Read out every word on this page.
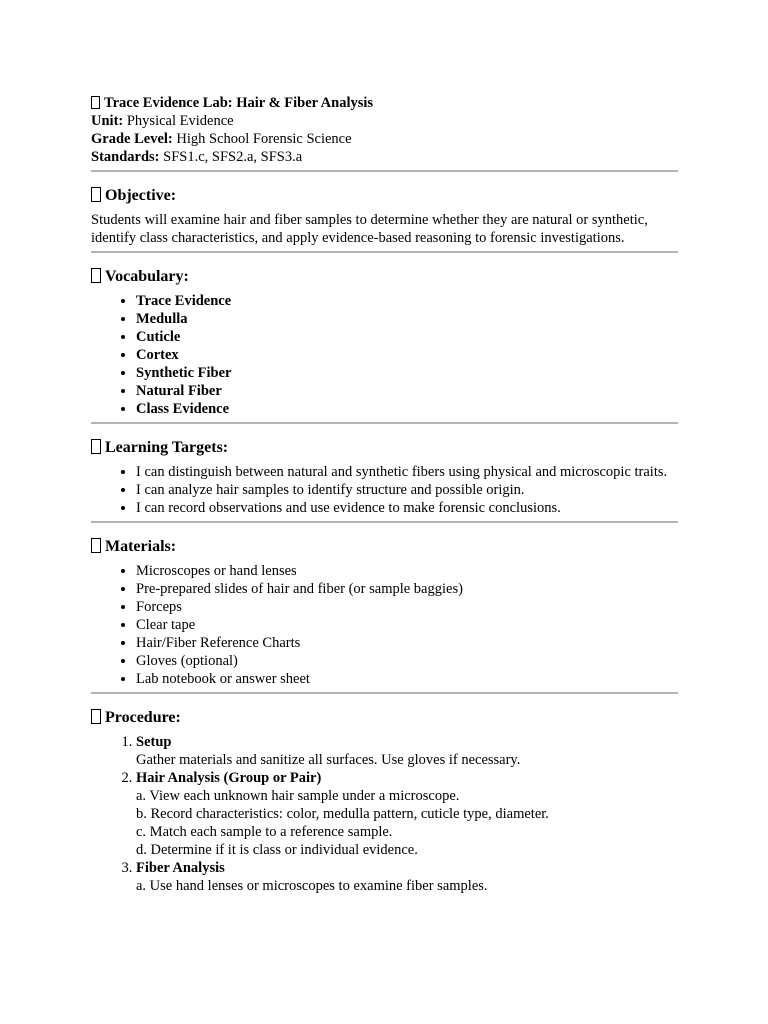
Trace Evidence Lab: Hair & Fiber Analysis

Unit: Physical Evidence

Grade Level: High School Forensic Science

Standards: SFS1.c, SFS2.a, SFS3.a

Objective:

Students will examine hair and fiber samples to determine whether they are natural or synthetic, identify class characteristics, and apply evidence-based reasoning to forensic investigations.

Vocabulary:
• Trace Evidence
• Medulla
• Cuticle
• Cortex
• Synthetic Fiber
• Natural Fiber
• Class Evidence
Learning Targets:
• I can distinguish between natural and synthetic fibers using physical and microscopic traits.
• I can analyze hair samples to identify structure and possible origin.
• I can record observations and use evidence to make forensic conclusions.
Materials:
• Microscopes or hand lenses
• Pre-prepared slides of hair and fiber (or sample baggies)
• Forceps
• Clear tape
• Hair/Fiber Reference Charts
• Gloves (optional)
• Lab notebook or answer sheet
Procedure:
1. Setup
Gather materials and sanitize all surfaces. Use gloves if necessary.
2. Hair Analysis (Group or Pair)
a. View each unknown hair sample under a microscope.
b. Record characteristics: color, medulla pattern, cuticle type, diameter.
c. Match each sample to a reference sample.
d. Determine if it is class or individual evidence.
3. Fiber Analysis
a. Use hand lenses or microscopes to examine fiber samples.
